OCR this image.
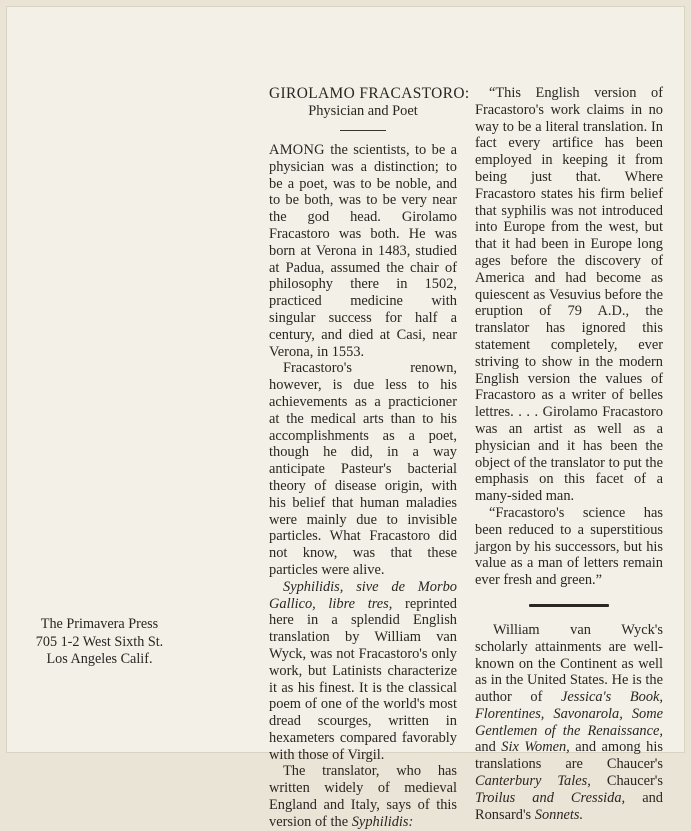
The Primavera Press
705 1-2 West Sixth St.
Los Angeles Calif.
GIROLAMO FRACASTORO:
Physician and Poet

AMONG the scientists, to be a physician was a distinction; to be a poet, was to be noble, and to be both, was to be very near the god head. Girolamo Fracastoro was both. He was born at Verona in 1483, studied at Padua, assumed the chair of philosophy there in 1502, practiced medicine with singular success for half a century, and died at Casi, near Verona, in 1553.

Fracastoro's renown, however, is due less to his achievements as a practicioner at the medical arts than to his accomplishments as a poet, though he did, in a way anticipate Pasteur's bacterial theory of disease origin, with his belief that human maladies were mainly due to invisible particles. What Fracastoro did not know, was that these particles were alive.

Syphilidis, sive de Morbo Gallico, libre tres, reprinted here in a splendid English translation by William van Wyck, was not Fracastoro's only work, but Latinists characterize it as his finest. It is the classical poem of one of the world's most dread scourges, written in hexameters compared favorably with those of Virgil.

The translator, who has written widely of medieval England and Italy, says of this version of the Syphilidis:

“This English version of Fracastoro's work claims in no way to be a literal translation. In fact every artifice has been employed in keeping it from being just that. Where Fracastoro states his firm belief that syphilis was not introduced into Europe from the west, but that it had been in Europe long ages before the discovery of America and had become as quiescent as Vesuvius before the eruption of 79 A.D., the translator has ignored this statement completely, ever striving to show in the modern English version the values of Fracastoro as a writer of belles lettres. . . . Girolamo Fracastoro was an artist as well as a physician and it has been the object of the translator to put the emphasis on this facet of a many-sided man.

“Fracastoro's science has been reduced to a superstitious jargon by his successors, but his value as a man of letters remain ever fresh and green.”

William van Wyck's scholarly attainments are well-known on the Continent as well as in the United States. He is the author of Jessica's Book, Florentines, Savonarola, Some Gentlemen of the Renaissance, and Six Women, and among his translations are Chaucer's Canterbury Tales, Chaucer's Troilus and Cressida, and Ronsard's Sonnets.
